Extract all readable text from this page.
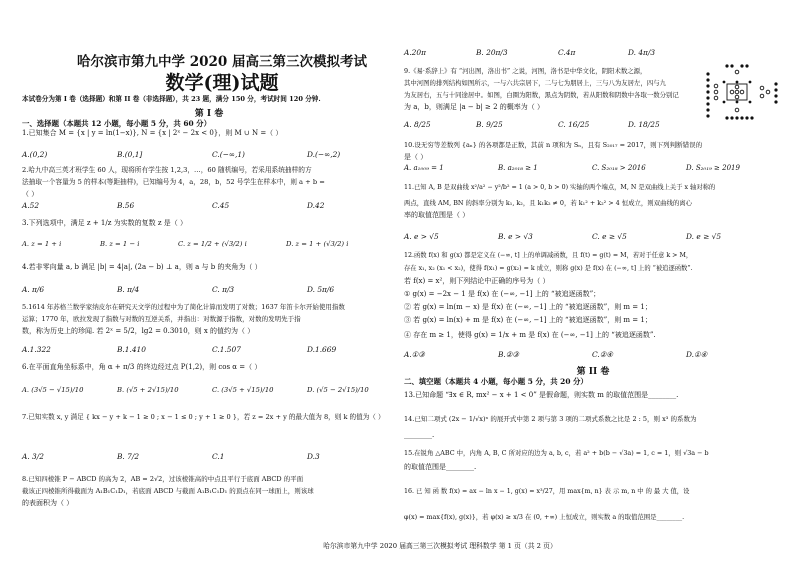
哈尔滨市第九中学 2020 届高三第三次模拟考试
数学(理)试题
本试卷分为第 I 卷（选择题）和第 II 卷（非选择题），共 23 题，满分 150 分，考试时间 120 分钟.
第 I 卷
一、选择题（本题共 12 小题，每小题 5 分，共 60 分）
1.已知集合 M = {x | y = ln(1−x)}, N = {x | 2ˣ − 2x < 0}，则 M ∪ N =（ ）
A.(0,2)	B.(0,1]	C.(−∞,1)	D.(−∞,2)
2.哈九中高三英才班学生 60 人，现将所有学生按 1,2,3，…，60 随机编号，若采用系统抽样的方
法抽取一个容量为 5 的样本(等距抽样)，已知编号为 4，a，28，b，52 号学生在样本中，则 a + b =
（ ）
A.52	B.56	C.45	D.42
3.下列选项中，满足 z + 1/z 为实数的复数 z 是（ ）
A. z = 1 + i	B. z = 1 − i	C. z = 1/2 + (√3/2) i	D. z = 1 + (√3/2) i
4.若非零向量 a, b 满足 |b| = 4|a|, (2a − b) ⊥ a，则 a 与 b 的夹角为（ ）
A. π/6	B. π/4	C. π/3	D. 5π/6
5.1614 年苏格兰数学家纳皮尔在研究天文学的过程中为了简化计算而发明了对数；1637 年笛卡尔开始使用指数
运算；1770 年，欧拉发现了指数与对数的互逆关系，并指出：对数源于指数，对数的发明先于指
数，称为历史上的珍闻. 若 2ˣ = 5/2，lg2 = 0.3010，则 x 的值约为（ ）
A.1.322	B.1.410	C.1.507	D.1.669
6.在平面直角坐标系中，角 α + π/3 的终边经过点 P(1,2)，则 cos α =（ ）
A. (3√5 − √15)/10	B. (√5 + 2√15)/10	C. (3√5 + √15)/10	D. (√5 − 2√15)/10
7.已知实数 x, y 满足 { kx − y + k − 1 ≥ 0 ; x − 1 ≤ 0 ; y + 1 ≥ 0 }，若 z = 2x + y 的最大值为 8，则 k 的值为（ ）
A. 3/2	B. 7/2	C.1	D.3
8.已知四棱锥 P − ABCD 的高为 2，AB = 2√2，过该棱锥高的中点且平行于底面 ABCD 的平面
截该正四棱锥所得截面为 A₁B₁C₁D₁，若底面 ABCD 与截面 A₁B₁C₁D₁ 的顶点在同一球面上，则该球
的表面积为（ ）
A.20π	B. 20π/3	C.4π	D. 4π/3
9.《易·系辞上》有 “河出图，洛出书” 之说，河图，洛书是中华文化，阴阳术数之源，
其中河图的排列结构如图所示，一与六共宗居下，二与七为朋居上，三与八为友居左，四与九
为友居右，五与十同途居中。如图，白圈为阳数，黑点为阴数，若从阳数和阴数中各取一数分别记
为 a，b，则满足 |a − b| ≥ 2 的概率为（ ）
A. 8/25	B. 9/25	C. 16/25	D. 18/25
10.设无穷等差数列 {aₙ} 的各项都是正数，其前 n 项和为 Sₙ，且有 S₂₀₁₇ = 2017，则下列判断错误的
是（ ）
A. a₁₀₀₉ = 1	B. a₂₀₁₈ ≥ 1	C. S₂₀₁₈ > 2016	D. S₂₀₁₉ ≥ 2019
11.已知 A, B 是双曲线 x²/a² − y²/b² = 1 (a > 0, b > 0) 实轴的两个端点，M, N 是双曲线上关于 x 轴对称的
两点，直线 AM, BN 的斜率分别为 k₁, k₂，且 k₁k₂ ≠ 0，若 k₁² + k₂² > 4 恒成立，则双曲线的离心
率的取值范围是（ ）
A. e > √5	B. e > √3	C. e ≥ √5	D. e ≥ √5
12.函数 f(x) 和 g(x) 都是定义在 (−∞, t] 上的单调减函数，且 f(t) = g(t) = M，若对于任意 k > M，
存在 x₁, x₂ (x₁ < x₂)，使得 f(x₁) = g(x₂) = k 成立，则称 g(x) 是 f(x) 在 (−∞, t] 上的 “被追逐函数”.
若 f(x) = x²，则下列结论中正确的序号为（ ）
① g(x) = −2x − 1 是 f(x) 在 (−∞, −1] 上的 “被追逐函数”；
② 若 g(x) = ln(m − x) 是 f(x) 在 (−∞, −1] 上的 “被追逐函数”，则 m = 1；
③ 若 g(x) = ln(x) + m 是 f(x) 在 (−∞, −1] 上的 “被追逐函数”，则 m = 1；
④ 存在 m ≥ 1，使得 g(x) = 1/x + m 是 f(x) 在 (−∞, −1] 上的 “被追逐函数”.
A.①③	B.②③	C.②④	D.①④
第 II 卷
二、填空题（本题共 4 小题，每小题 5 分，共 20 分）
13.已知命题 “∃x ∈ R, mx² − x + 1 < 0” 是假命题，则实数 m 的取值范围是________.
14.已知二项式 (2x − 1/√x)ⁿ 的展开式中第 2 项与第 3 项的二项式系数之比是 2 : 5，则 x³ 的系数为
________.
15.在锐角 △ABC 中，内角 A, B, C 所对应的边为 a, b, c，若 a² + b(b − √3a) = 1, c = 1，则 √3a − b
的取值范围是________.
16. 已 知 函 数 f(x) = ax − ln x − 1, g(x) = x³/27，用 max{m, n} 表 示 m, n 中 的 最 大 值，设
φ(x) = max{f(x), g(x)}，若 φ(x) ≥ x/3 在 (0, +∞) 上恒成立，则实数 a 的取值范围是________.
哈尔滨市第九中学 2020 届高三第三次模拟考试 理科数学 第 1 页（共 2 页）
